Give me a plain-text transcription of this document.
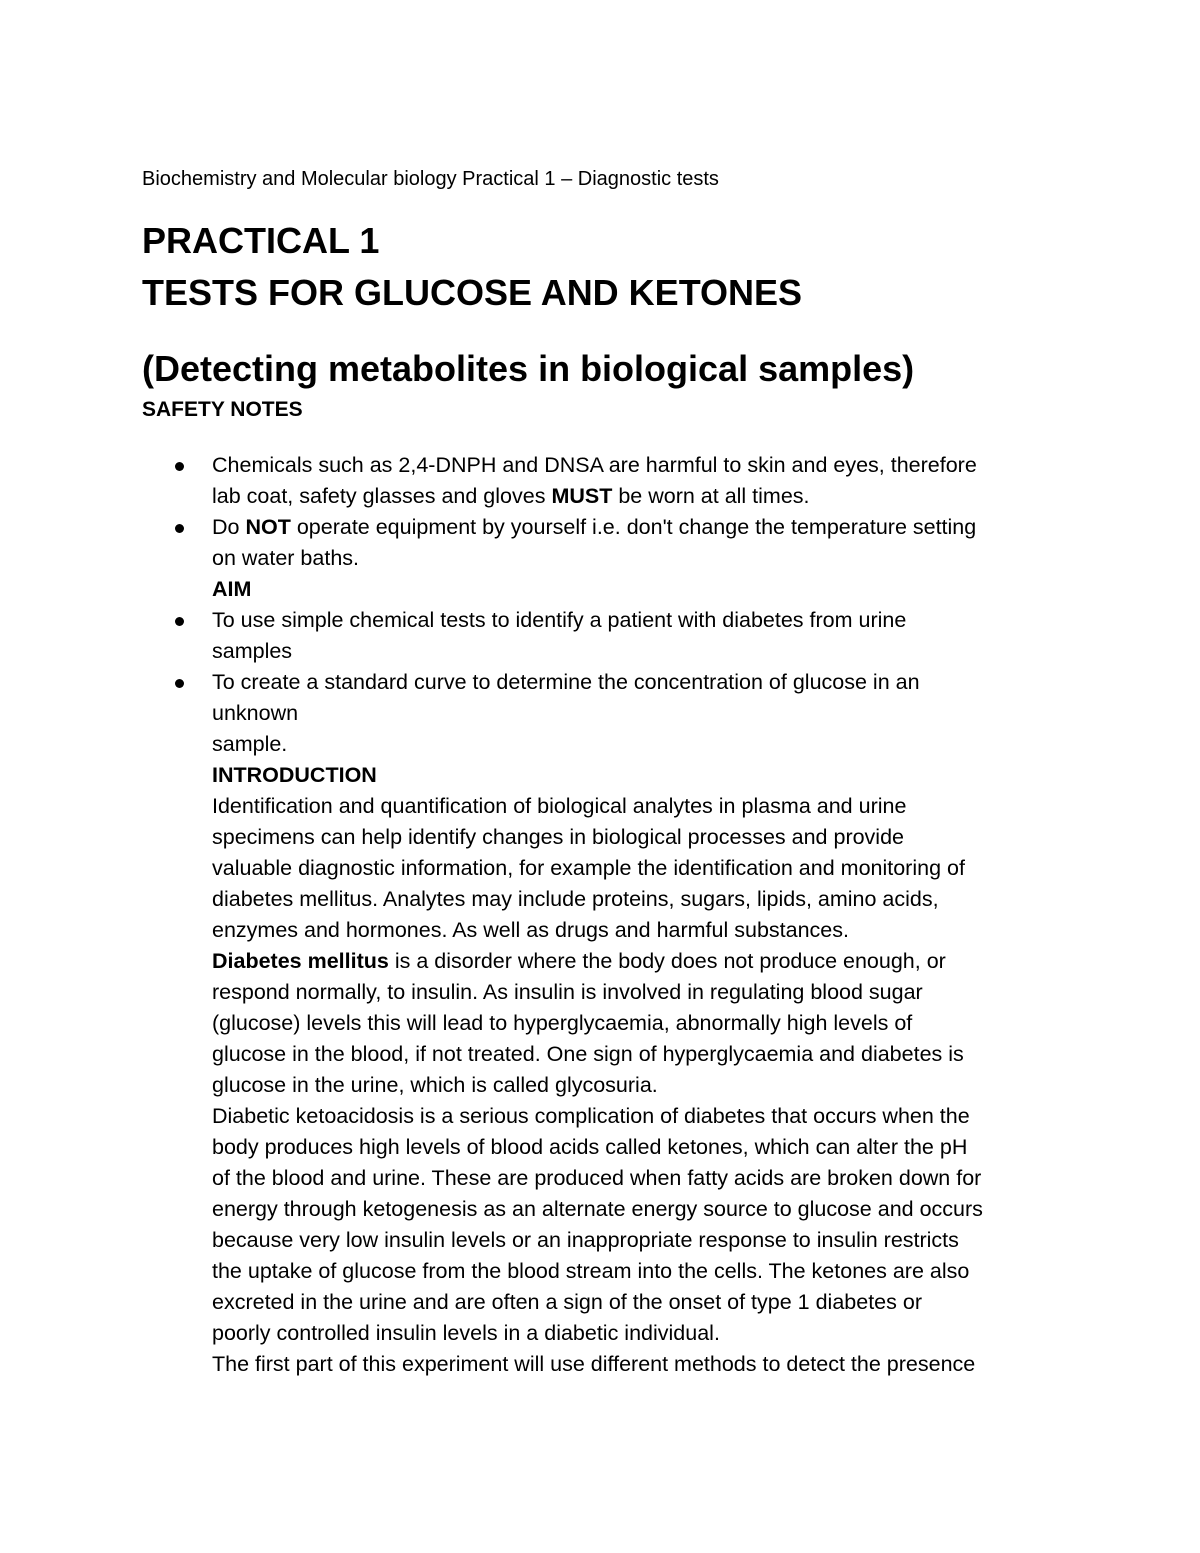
Biochemistry and Molecular biology Practical 1 – Diagnostic tests
PRACTICAL 1
TESTS FOR GLUCOSE AND KETONES
(Detecting metabolites in biological samples)
SAFETY NOTES
Chemicals such as 2,4-DNPH and DNSA are harmful to skin and eyes, therefore
lab coat, safety glasses and gloves MUST be worn at all times.
Do NOT operate equipment by yourself i.e. don't change the temperature setting
on water baths.
AIM
To use simple chemical tests to identify a patient with diabetes from urine
samples
To create a standard curve to determine the concentration of glucose in an
unknown
sample.
INTRODUCTION
Identification and quantification of biological analytes in plasma and urine
specimens can help identify changes in biological processes and provide
valuable diagnostic information, for example the identification and monitoring of
diabetes mellitus. Analytes may include proteins, sugars, lipids, amino acids,
enzymes and hormones. As well as drugs and harmful substances.
Diabetes mellitus is a disorder where the body does not produce enough, or
respond normally, to insulin. As insulin is involved in regulating blood sugar
(glucose) levels this will lead to hyperglycaemia, abnormally high levels of
glucose in the blood, if not treated. One sign of hyperglycaemia and diabetes is
glucose in the urine, which is called glycosuria.
Diabetic ketoacidosis is a serious complication of diabetes that occurs when the
body produces high levels of blood acids called ketones, which can alter the pH
of the blood and urine. These are produced when fatty acids are broken down for
energy through ketogenesis as an alternate energy source to glucose and occurs
because very low insulin levels or an inappropriate response to insulin restricts
the uptake of glucose from the blood stream into the cells. The ketones are also
excreted in the urine and are often a sign of the onset of type 1 diabetes or
poorly controlled insulin levels in a diabetic individual.
The first part of this experiment will use different methods to detect the presence
